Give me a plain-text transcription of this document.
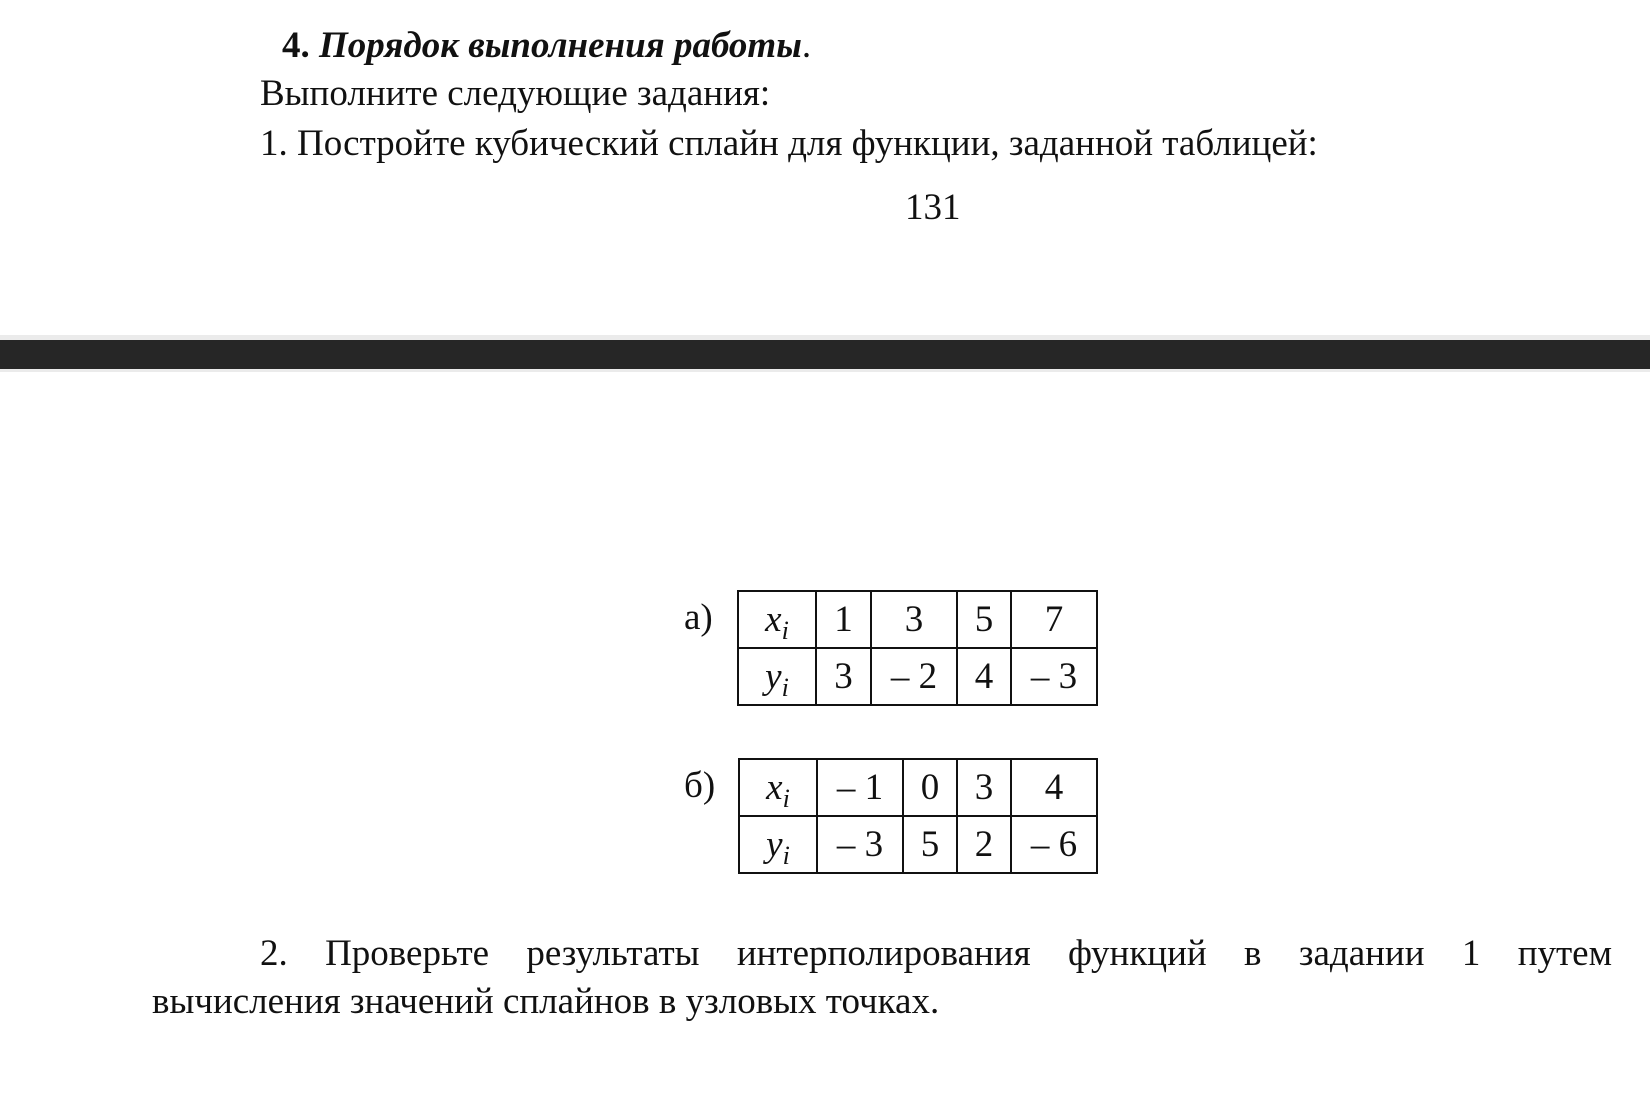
4. Порядок выполнения работы.
Выполните следующие задания:
1. Постройте кубический сплайн для функции, заданной таблицей:
131
а) $x_i$	1	3	5	7
$y_i$	3	– 2	4	– 3
б) $x_i$	– 1	0	3	4
$y_i$	– 3	5	2	– 6
2. Проверьте результаты интерполирования функций в задании 1 путем
вычисления значений сплайнов в узловых точках.
